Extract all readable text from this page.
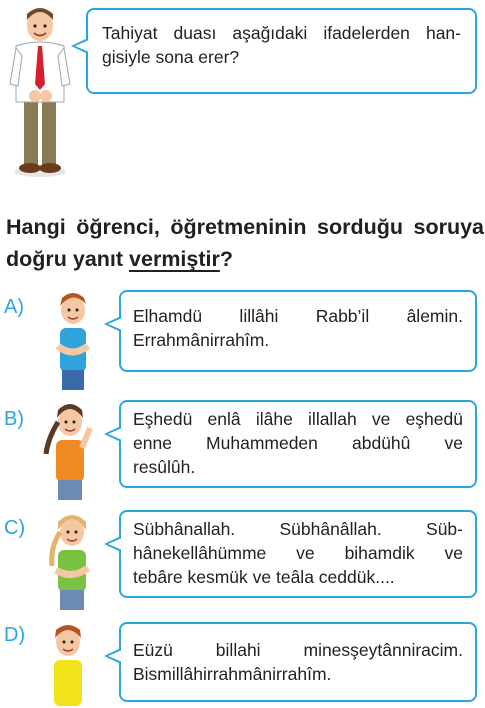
Tahiyat duası aşağıdaki ifadelerden han-gisiyle sona erer?
Hangi öğrenci, öğretmeninin sorduğu soruya doğru yanıt vermiştir?
A)	Elhamdü lillâhi Rabb’il âlemin.
Errahmânirrahîm.
B)	Eşhedü enlâ ilâhe illallah ve eşhedü
enne Muhammeden abdühû ve
resûlûh.
C)	Sübhânallah. Sübhânâllah. Süb-
hânekellâhümme ve bihamdik ve
tebâre kesmük ve teâla ceddük....
D)
Eüzü billahi minesşeytânniracim.
Bismillâhirrahmânirrahîm.
